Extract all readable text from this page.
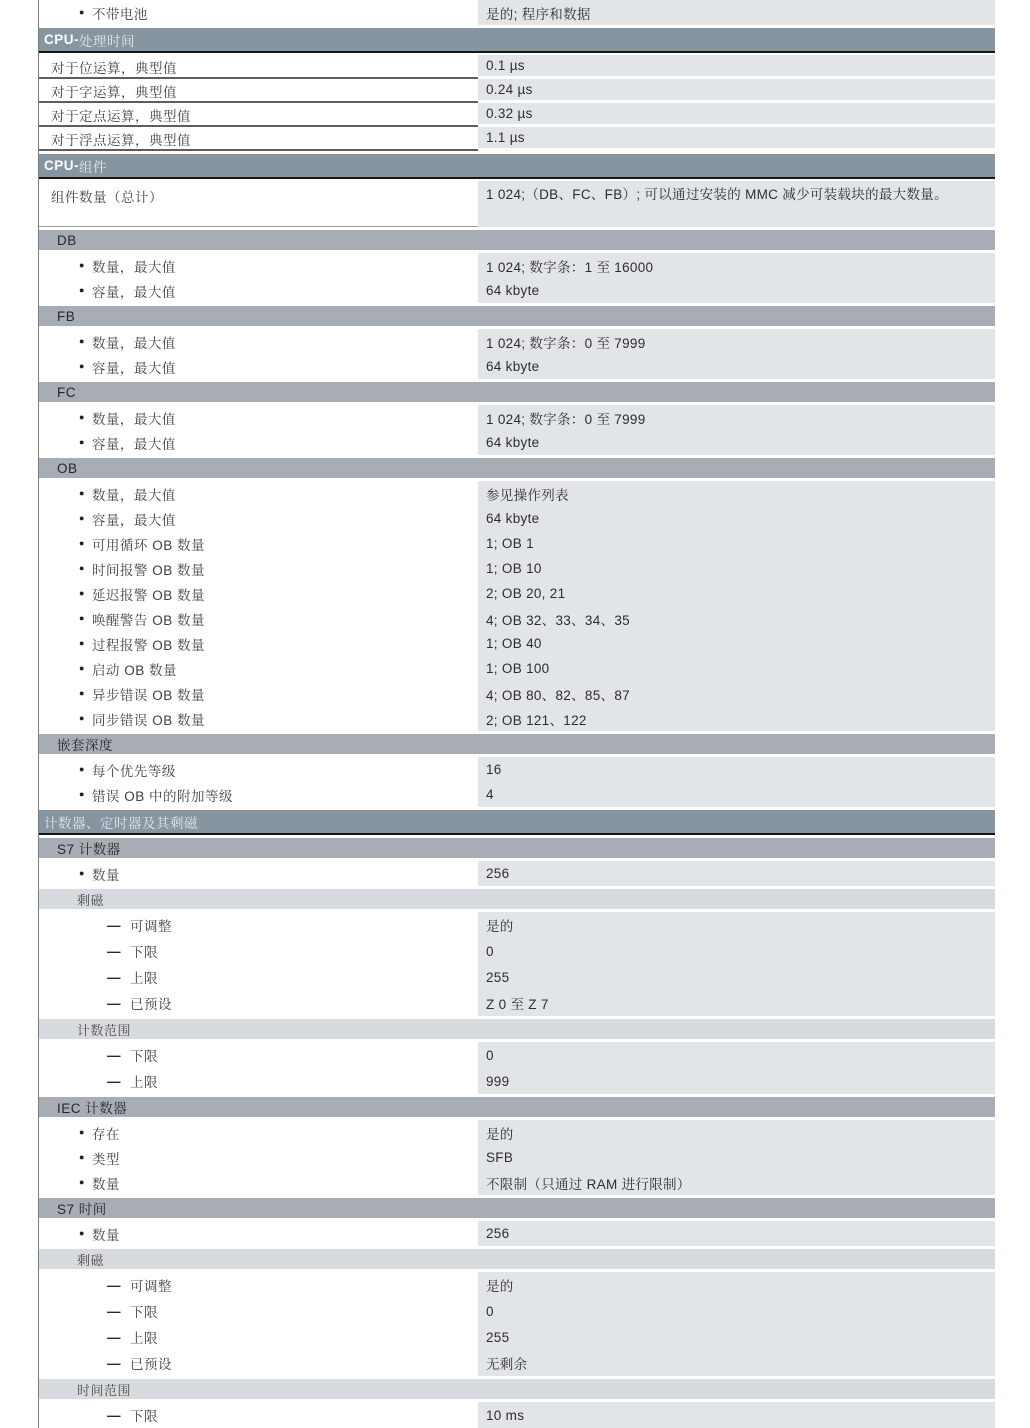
● 不带电池	是的; 程序和数据
CPU- 处理时间
对于位运算，典型值	0.1 µs
对于字运算，典型值	0.24 µs
对于定点运算，典型值	0.32 µs
对于浮点运算，典型值	1.1 µs
CPU- 组件
组件数量（总计）	1 024;（DB、FC、FB）; 可以通过安装的 MMC 减少可装载块的最大数量。
DB
● 数量，最大值	1 024; 数字条：1 至 16000
● 容量，最大值	64 kbyte
FB
● 数量，最大值	1 024; 数字条：0 至 7999
● 容量，最大值	64 kbyte
FC
● 数量，最大值	1 024; 数字条：0 至 7999
● 容量，最大值	64 kbyte
OB
● 数量，最大值	参见操作列表
● 容量，最大值	64 kbyte
● 可用循环 OB 数量	1; OB 1
● 时间报警 OB 数量	1; OB 10
● 延迟报警 OB 数量	2; OB 20, 21
● 唤醒警告 OB 数量	4; OB 32、33、34、35
● 过程报警 OB 数量	1; OB 40
● 启动 OB 数量	1; OB 100
● 异步错误 OB 数量	4; OB 80、82、85、87
● 同步错误 OB 数量	2; OB 121、122
嵌套深度
● 每个优先等级	16
● 错误 OB 中的附加等级	4
计数器、定时器及其剩磁
S7 计数器
● 数量	256
剩磁
— 可调整	是的
— 下限	0
— 上限	255
— 已预设	Z 0 至 Z 7
计数范围
— 下限	0
— 上限	999
IEC 计数器
● 存在	是的
● 类型	SFB
● 数量	不限制（只通过 RAM 进行限制）
S7 时间
● 数量	256
剩磁
— 可调整	是的
— 下限	0
— 上限	255
— 已预设	无剩余
时间范围
— 下限	10 ms
